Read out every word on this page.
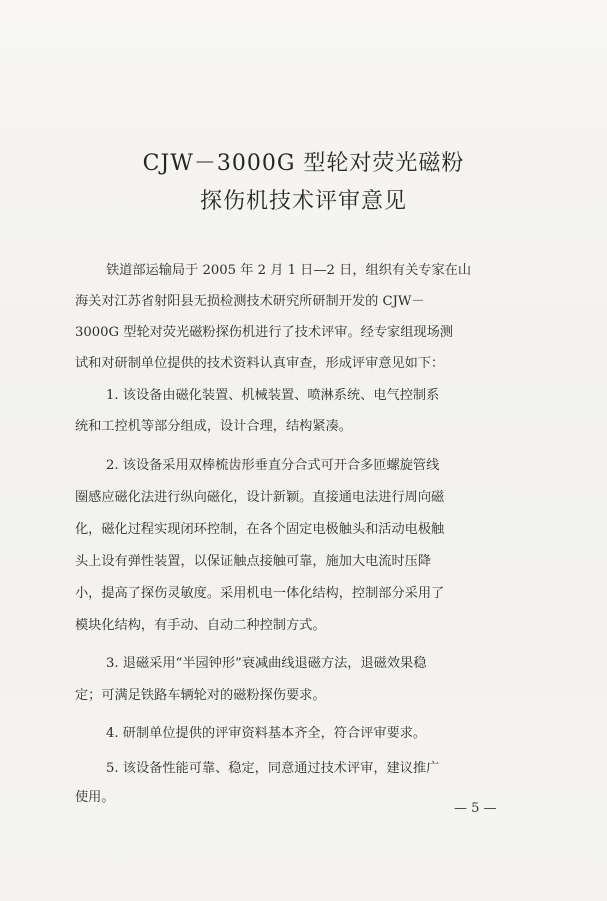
CJW－3000G 型轮对荧光磁粉
探伤机技术评审意见
铁道部运输局于 2005 年 2 月 1 日—2 日，组织有关专家在山
海关对江苏省射阳县无损检测技术研究所研制开发的 CJW－
3000G 型轮对荧光磁粉探伤机进行了技术评审。经专家组现场测
试和对研制单位提供的技术资料认真审查，形成评审意见如下：
1. 该设备由磁化装置、机械装置、喷淋系统、电气控制系
统和工控机等部分组成，设计合理，结构紧凑。
2. 该设备采用双棒梳齿形垂直分合式可开合多匝螺旋管线
圈感应磁化法进行纵向磁化，设计新颖。直接通电法进行周向磁
化，磁化过程实现闭环控制，在各个固定电极触头和活动电极触
头上设有弹性装置，以保证触点接触可靠，施加大电流时压降
小，提高了探伤灵敏度。采用机电一体化结构，控制部分采用了
模块化结构，有手动、自动二种控制方式。
3. 退磁采用“半园钟形”衰减曲线退磁方法，退磁效果稳
定；可满足铁路车辆轮对的磁粉探伤要求。
4. 研制单位提供的评审资料基本齐全，符合评审要求。
5. 该设备性能可靠、稳定，同意通过技术评审，建议推广
使用。
— 5 —
